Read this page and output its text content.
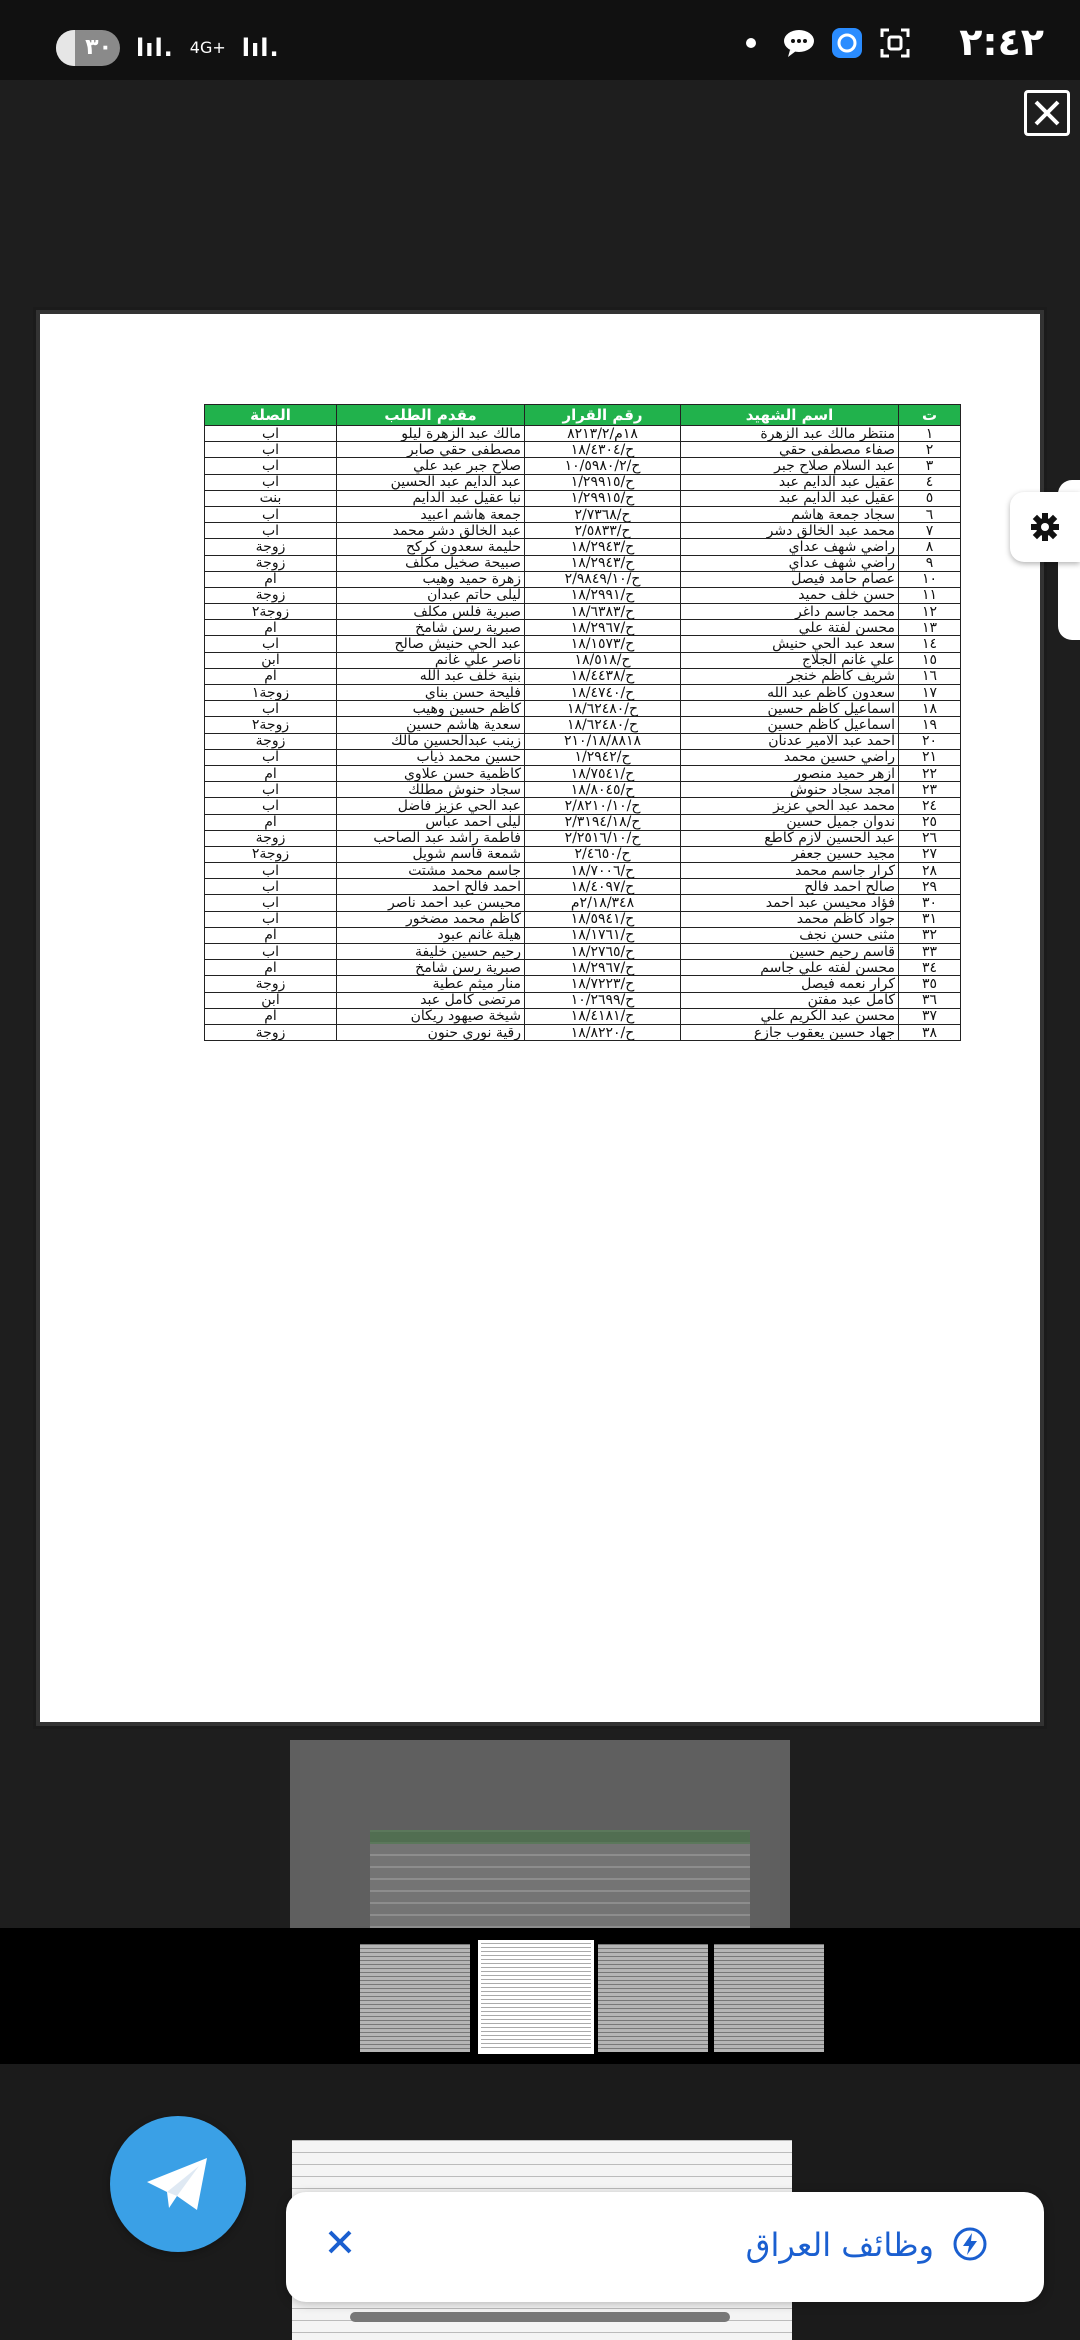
٣٠ lıl. 4G+ lıl.	٢:٤٢
ت	اسم الشهيد	رقم القرار	مقدم الطلب	الصلة
١	منتظر مالك عبد الزهرة	١٨م/٨٢١٣/٢	مالك عبد الزهرة ليلو	اب
٢	صفاء مصطفى حقي	ح/١٨/٤٣٠٤	مصطفى حقي صابر	اب
٣	عبد السلام صلاح جبر	ح/١٠/٥٩٨٠/٢	صلاح جبر عبد علي	اب
٤	عقيل عبد الدايم عبد	ح/١/٢٩٩١٥	عبد الدايم عبد الحسين	اب
٥	عقيل عبد الدايم عبد	ح/١/٢٩٩١٥	نبا عقيل عبد الدايم	بنت
٦	سجاد جمعة هاشم	ح/٢/٧٣٦٨	جمعة هاشم اعبيد	اب
٧	محمد عبد الخالق دشر	ح/٢/٥٨٣٣	عبد الخالق دشر محمد	اب
٨	راضي شهف عداي	ح/١٨/٢٩٤٣	حليمة سعدون كركح	زوجة
٩	راضي شهف عداي	ح/١٨/٢٩٤٣	صبيحة صخيل مكلف	زوجة
١٠	عصام حامد فيصل	ح/٢/٩٨٤٩/١٠	زهرة حميد وهيب	ام
١١	حسن خلف حميد	ح/١٨/٢٩٩١	ليلى حاتم عبدان	زوجة
١٢	محمد جاسم داغر	ح/١٨/٦٣٨٣	صبرية فلس مكلف	زوجة٢
١٣	محسن لفتة علي	ح/١٨/٢٩٦٧	صبرية رسن شامخ	ام
١٤	سعد عبد الحي حنيش	ح/١٨/١٥٧٣	عبد الحي حنيش صالح	اب
١٥	علي غانم الجلاج	ح/١٨/٥١٨	ناصر علي غانم	ابن
١٦	شريف كاظم خنجر	ح/١٨/٤٤٣٨	بنية خلف عبد الله	ام
١٧	سعدون كاظم عبد الله	ح/١٨/٤٧٤٠	فليحة حسن بناي	زوجة١
١٨	اسماعيل كاظم حسين	ح/١٨/٦٢٤٨٠	كاظم حسين وهيب	اب
١٩	اسماعيل كاظم حسين	ح/١٨/٦٢٤٨٠	سعدية هاشم حسين	زوجة٢
٢٠	احمد عبد الامير عدنان	٢١٠/١٨/٨٨١٨	زينب عبدالحسين مالك	زوجة
٢١	راضي حسين محمد	ح/١/٢٩٤٢	حسين محمد ذياب	اب
٢٢	ازهر حميد منصور	ح/١٨/٧٥٤١	كاظمية حسن علاوي	ام
٢٣	امجد سجاد حنوش	ح/١٨/٨٠٤٥	سجاد حنوش مطلك	اب
٢٤	محمد عبد الحي عزيز	ح/٢/٨٢١٠/١٠	عبد الحي عزيز فاضل	اب
٢٥	ندوان جميل حسين	ح/٢/٣١٩٤/١٨	ليلى احمد عباس	ام
٢٦	عبد الحسين لازم كاطع	ح/٢/٢٥١٦/١٠	فاطمة راشد عبد الصاحب	زوجة
٢٧	مجيد حسين جعفر	ح/٢/٤٦٥٠	شمعة قاسم شويل	زوجة٢
٢٨	كرار جاسم محمد	ح/١٨/٧٠٠٦	جاسم محمد مشتت	اب
٢٩	صالح احمد فالح	ح/١٨/٤٠٩٧	احمد فالح احمد	اب
٣٠	فؤاد محيسن عبد احمد	٢/١٨/٣٤٨م	محيسن عبد احمد ناصر	اب
٣١	جواد كاظم محمد	ح/١٨/٥٩٤١	كاظم محمد مضخور	اب
٣٢	مثنى حسن نجف	ح/١٨/١٧٦١	هيلة غانم عبود	ام
٣٣	قاسم رحيم حسين	ح/١٨/٢٧٦٥	رحيم حسين خليفة	اب
٣٤	محسن لفته علي جاسم	ح/١٨/٢٩٦٧	صبرية رسن شامخ	ام
٣٥	كرار نعمه فيصل	ح/١٨/٧٢٢٣	منار ميثم عطية	زوجة
٣٦	كامل عبد مفتن	ح/١٠/٢٦٩٩	مرتضى كامل عبد	ابن
٣٧	محسن عبد الكريم علي	ح/١٨/٤١٨١	شيخة صيهود ريكان	ام
٣٨	جهاد حسين يعقوب جازع	ح/١٨/٨٢٢٠	رقية نوري حنون	زوجة
وظائف العراق
